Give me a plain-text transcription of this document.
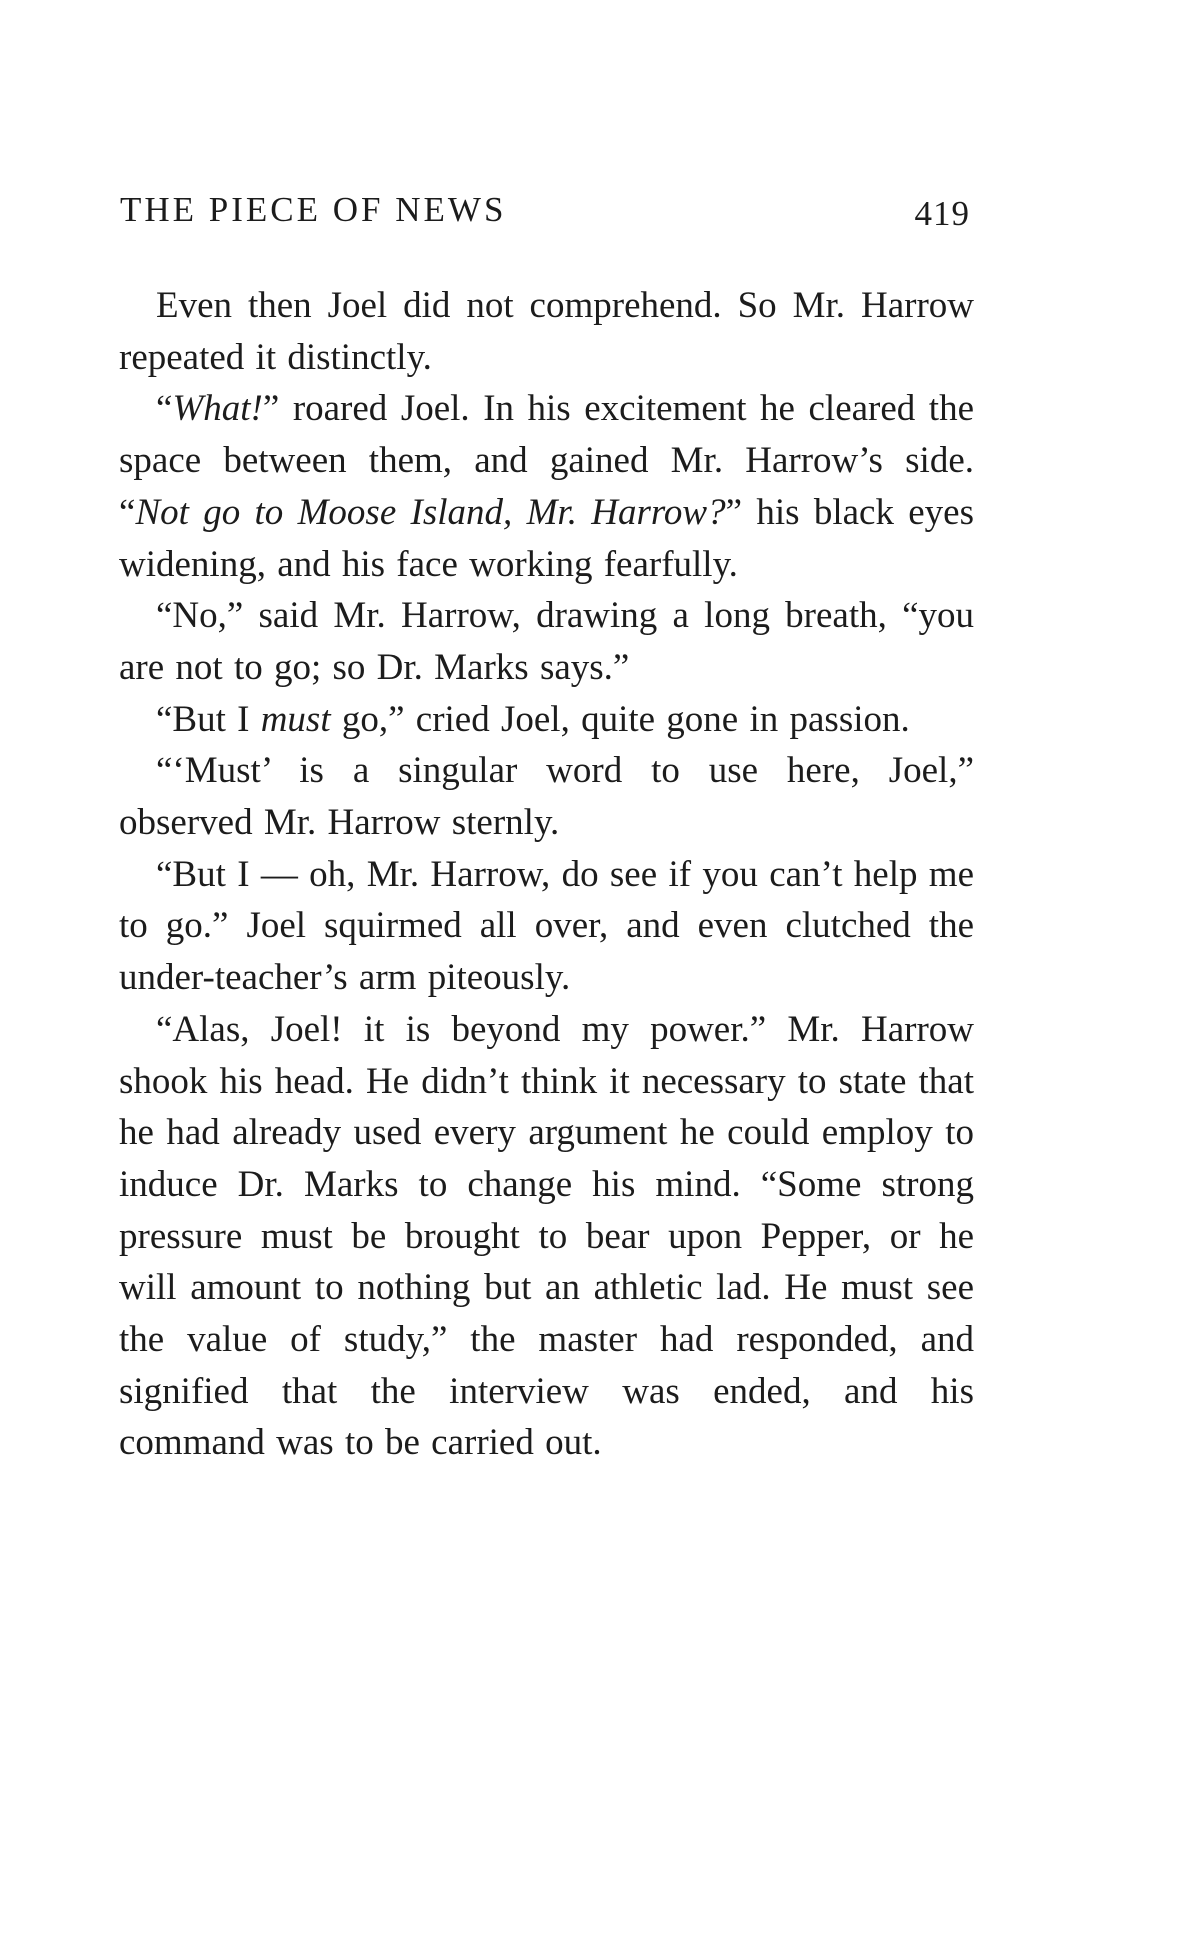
THE PIECE OF NEWS	419

Even then Joel did not comprehend. So Mr. Harrow repeated it distinctly.

“What!” roared Joel. In his excitement he cleared the space between them, and gained Mr. Harrow’s side. “Not go to Moose Island, Mr. Harrow?” his black eyes widening, and his face working fearfully.

“No,” said Mr. Harrow, drawing a long breath, “you are not to go; so Dr. Marks says.”

“But I must go,” cried Joel, quite gone in passion.

“‘Must’ is a singular word to use here, Joel,” observed Mr. Harrow sternly.

“But I — oh, Mr. Harrow, do see if you can’t help me to go.” Joel squirmed all over, and even clutched the under-teacher’s arm piteously.

“Alas, Joel! it is beyond my power.” Mr. Harrow shook his head. He didn’t think it necessary to state that he had already used every argument he could employ to induce Dr. Marks to change his mind. “Some strong pressure must be brought to bear upon Pepper, or he will amount to nothing but an athletic lad. He must see the value of study,” the master had responded, and signified that the interview was ended, and his command was to be carried out.
